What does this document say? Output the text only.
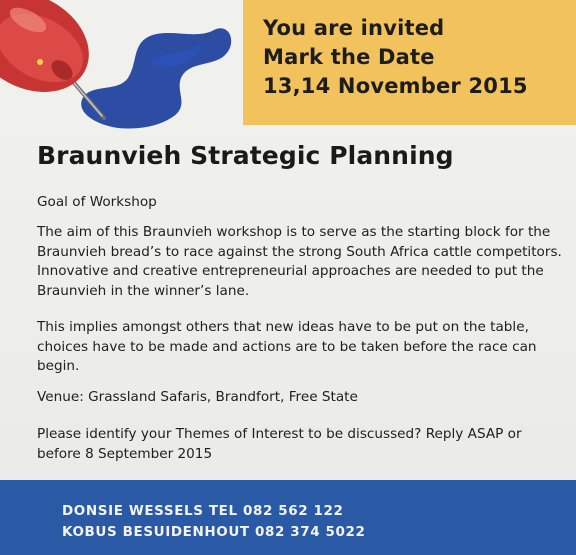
You are invited
Mark the Date
13,14 November 2015
Braunvieh Strategic Planning

Goal of Workshop

The aim of this Braunvieh workshop is to serve as the starting block for the Braunvieh bread’s to race against the strong South Africa cattle competitors. Innovative and creative entrepreneurial approaches are needed to put the Braunvieh in the winner’s lane.

This implies amongst others that new ideas have to be put on the table, choices have to be made and actions are to be taken before the race can begin.

Venue: Grassland Safaris, Brandfort, Free State

Please identify your Themes of Interest to be discussed? Reply ASAP or before 8 September 2015

DONSIE WESSELS TEL 082 562 122
KOBUS BESUIDENHOUT 082 374 5022
